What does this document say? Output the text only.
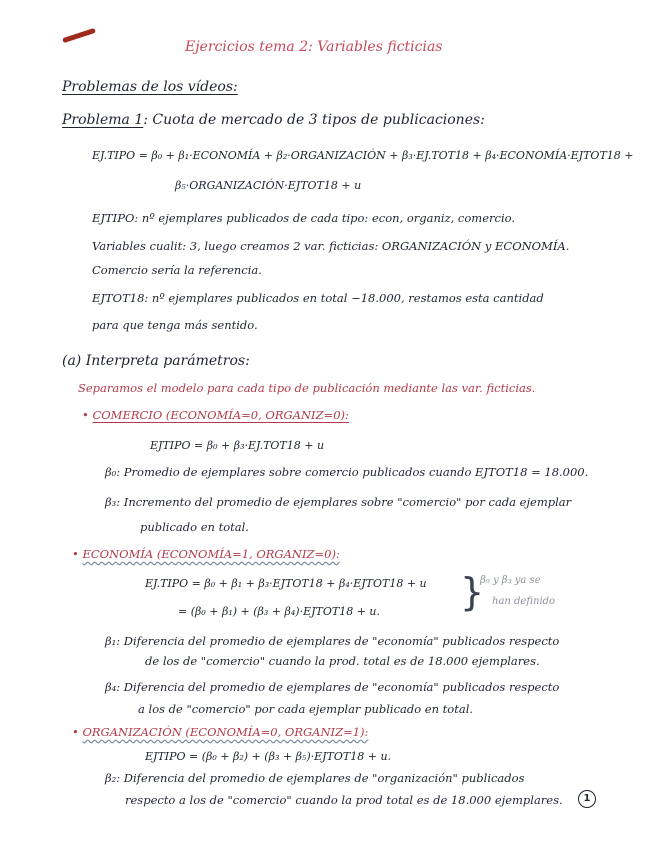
Ejercicios tema 2: Variables ficticias
Problemas de los vídeos:
Problema 1: Cuota de mercado de 3 tipos de publicaciones:
EJ.TIPO = β₀ + β₁·ECONOMÍA + β₂·ORGANIZACIÓN + β₃·EJ.TOT18 + β₄·ECONOMÍA·EJTOT18 +
β₅·ORGANIZACIÓN·EJTOT18 + u
EJTIPO: nº ejemplares publicados de cada tipo: econ, organiz, comercio.
Variables cualit: 3, luego creamos 2 var. ficticias: ORGANIZACIÓN y ECONOMÍA.
Comercio sería la referencia.
EJTOT18: nº ejemplares publicados en total −18.000, restamos esta cantidad
para que tenga más sentido.
(a) Interpreta parámetros:
Separamos el modelo para cada tipo de publicación mediante las var. ficticias.
• COMERCIO (ECONOMÍA=0, ORGANIZ=0):
EJTIPO = β₀ + β₃·EJ.TOT18 + u
β₀: Promedio de ejemplares sobre comercio publicados cuando EJTOT18 = 18.000.
β₃: Incremento del promedio de ejemplares sobre "comercio" por cada ejemplar
publicado en total.
• ECONOMÍA (ECONOMÍA=1, ORGANIZ=0):
EJ.TIPO = β₀ + β₁ + β₃·EJTOT18 + β₄·EJTOT18 + u
= (β₀ + β₁) + (β₃ + β₄)·EJTOT18 + u. }
β₀ y β₃ ya se
han definido
β₁: Diferencia del promedio de ejemplares de "economía" publicados respecto
de los de "comercio" cuando la prod. total es de 18.000 ejemplares.
β₄: Diferencia del promedio de ejemplares de "economía" publicados respecto
a los de "comercio" por cada ejemplar publicado en total.
• ORGANIZACIÓN (ECONOMÍA=0, ORGANIZ=1):
EJTIPO = (β₀ + β₂) + (β₃ + β₅)·EJTOT18 + u.
β₂: Diferencia del promedio de ejemplares de "organización" publicados
respecto a los de "comercio" cuando la prod total es de 18.000 ejemplares.	1
